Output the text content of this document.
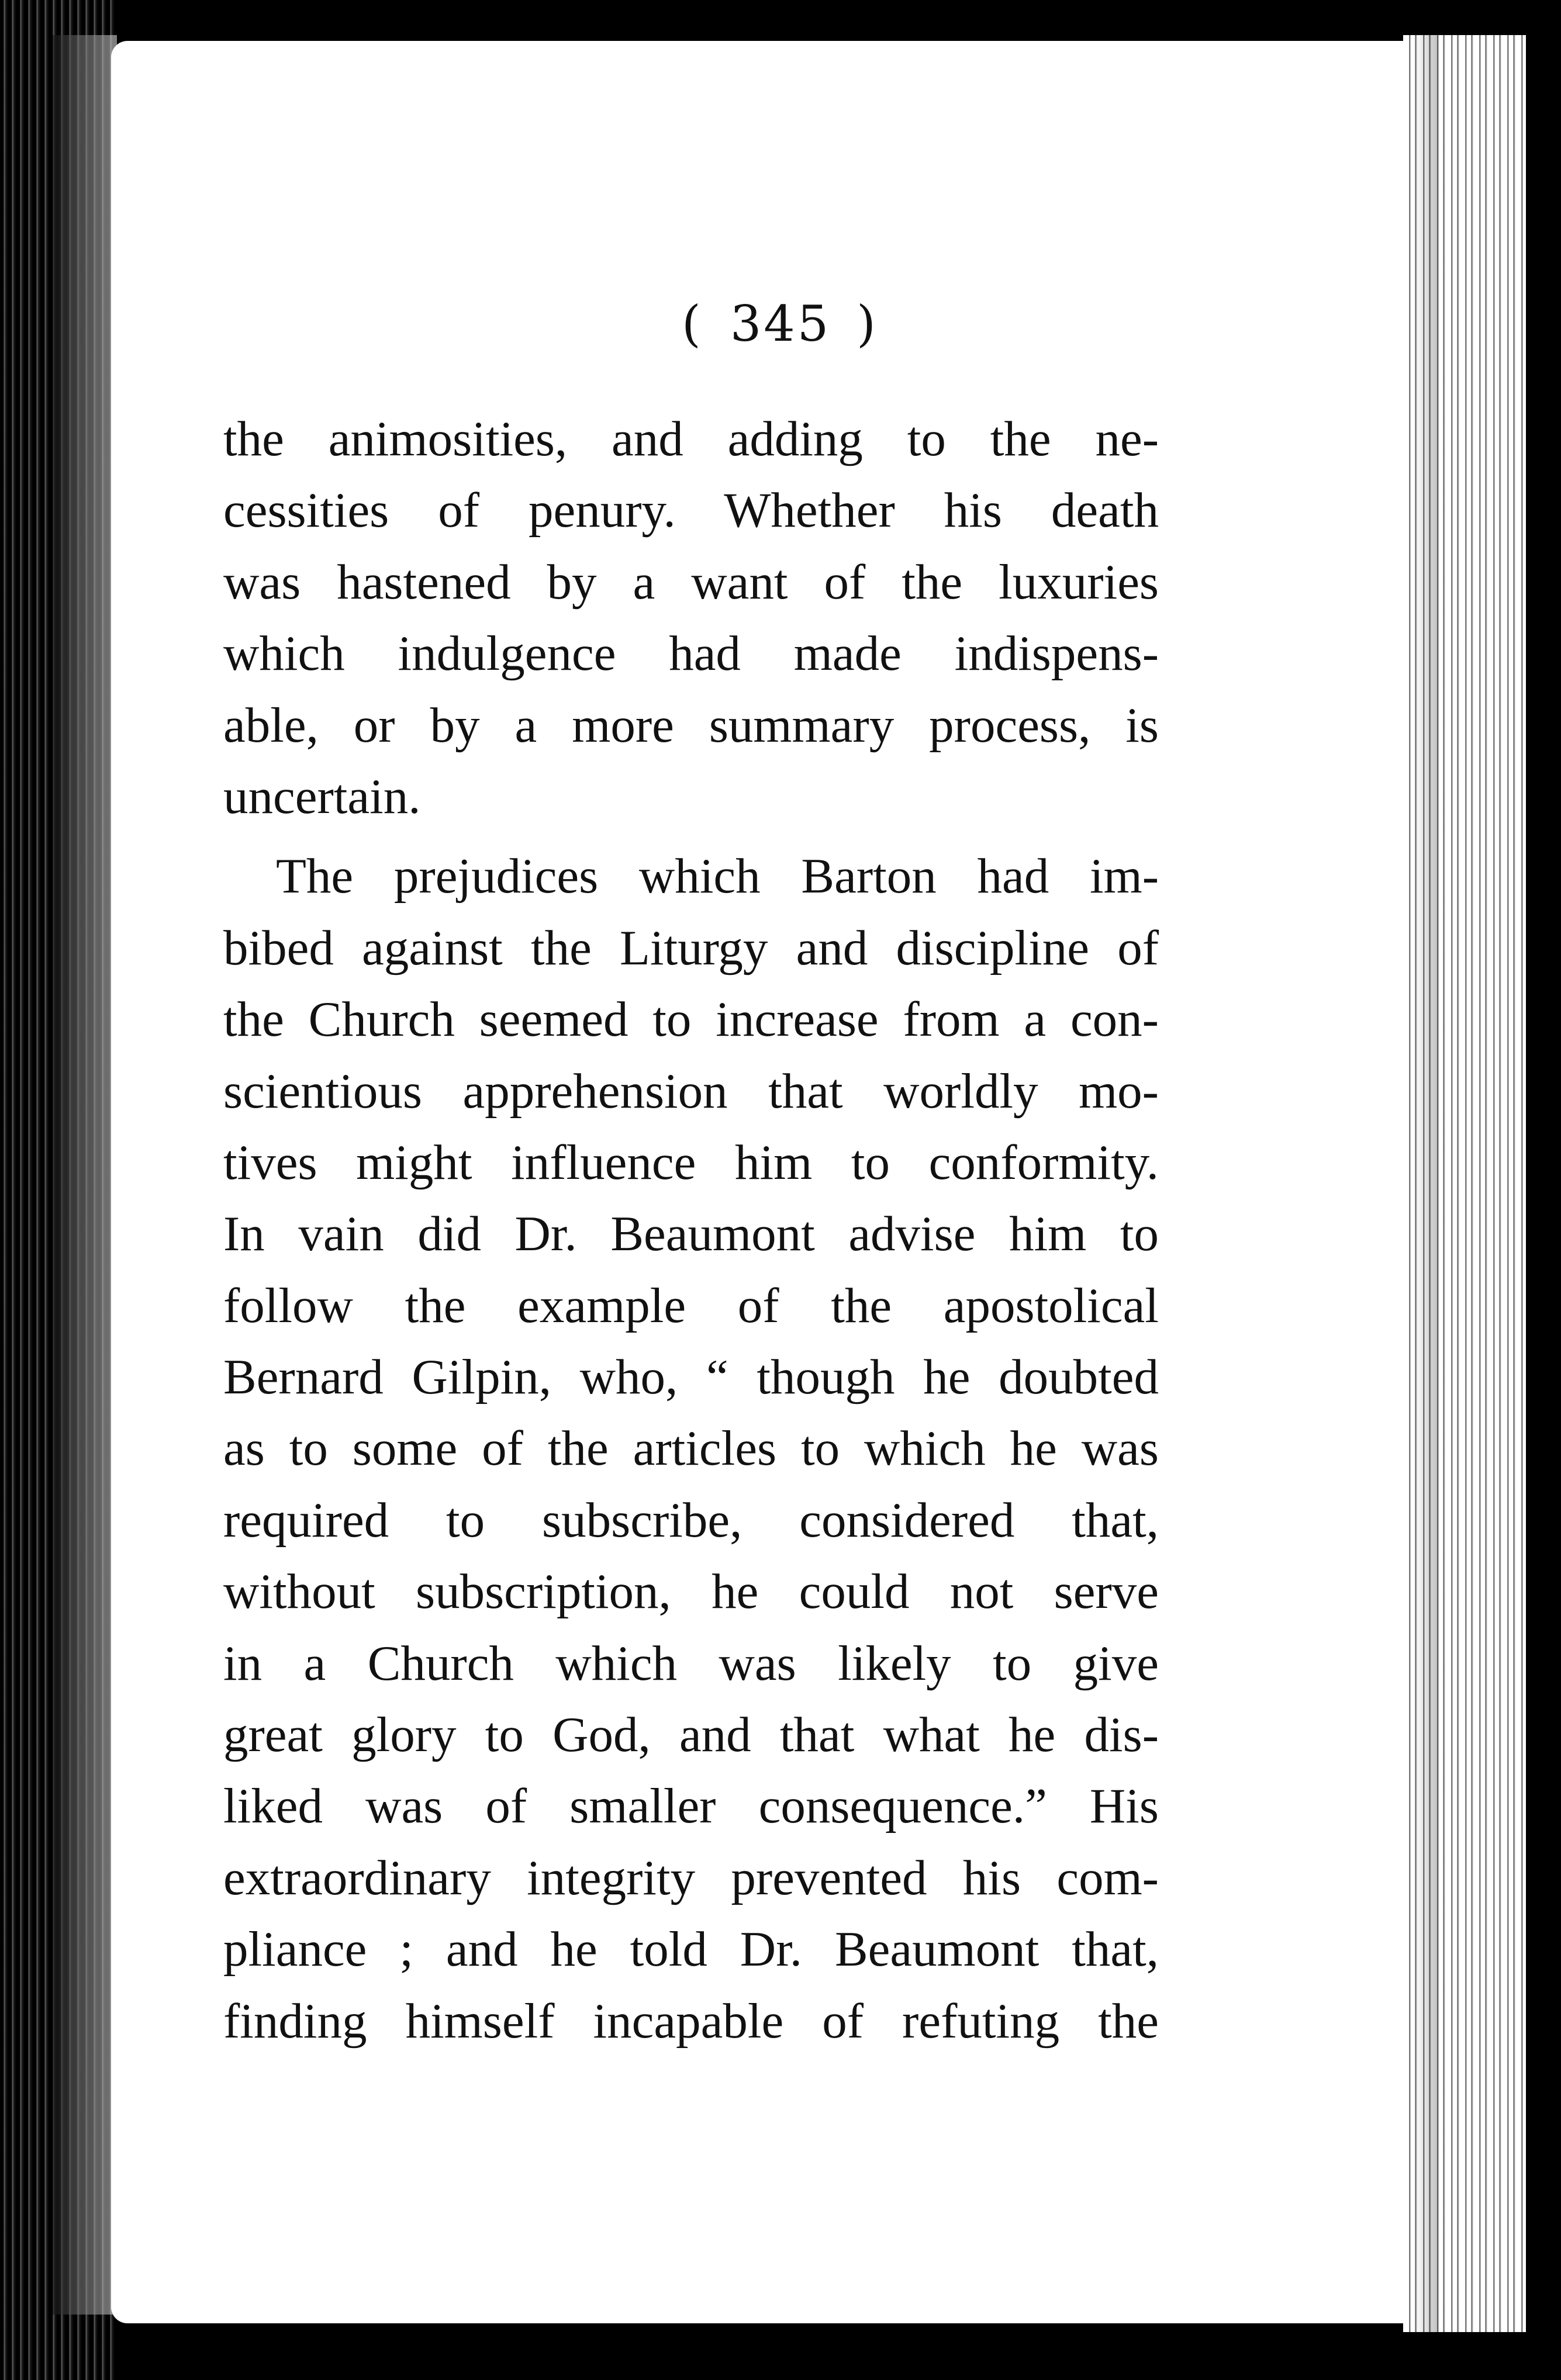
( 345 )
the animosities, and adding to the ne-
cessities of penury. Whether his death
was hastened by a want of the luxuries
which indulgence had made indispens-
able, or by a more summary process, is
uncertain.
The prejudices which Barton had im-
bibed against the Liturgy and discipline of
the Church seemed to increase from a con-
scientious apprehension that worldly mo-
tives might influence him to conformity.
In vain did Dr. Beaumont advise him to
follow the example of the apostolical
Bernard Gilpin, who, “ though he doubted
as to some of the articles to which he was
required to subscribe, considered that,
without subscription, he could not serve
in a Church which was likely to give
great glory to God, and that what he dis-
liked was of smaller consequence.” His
extraordinary integrity prevented his com-
pliance ; and he told Dr. Beaumont that,
finding himself incapable of refuting the
